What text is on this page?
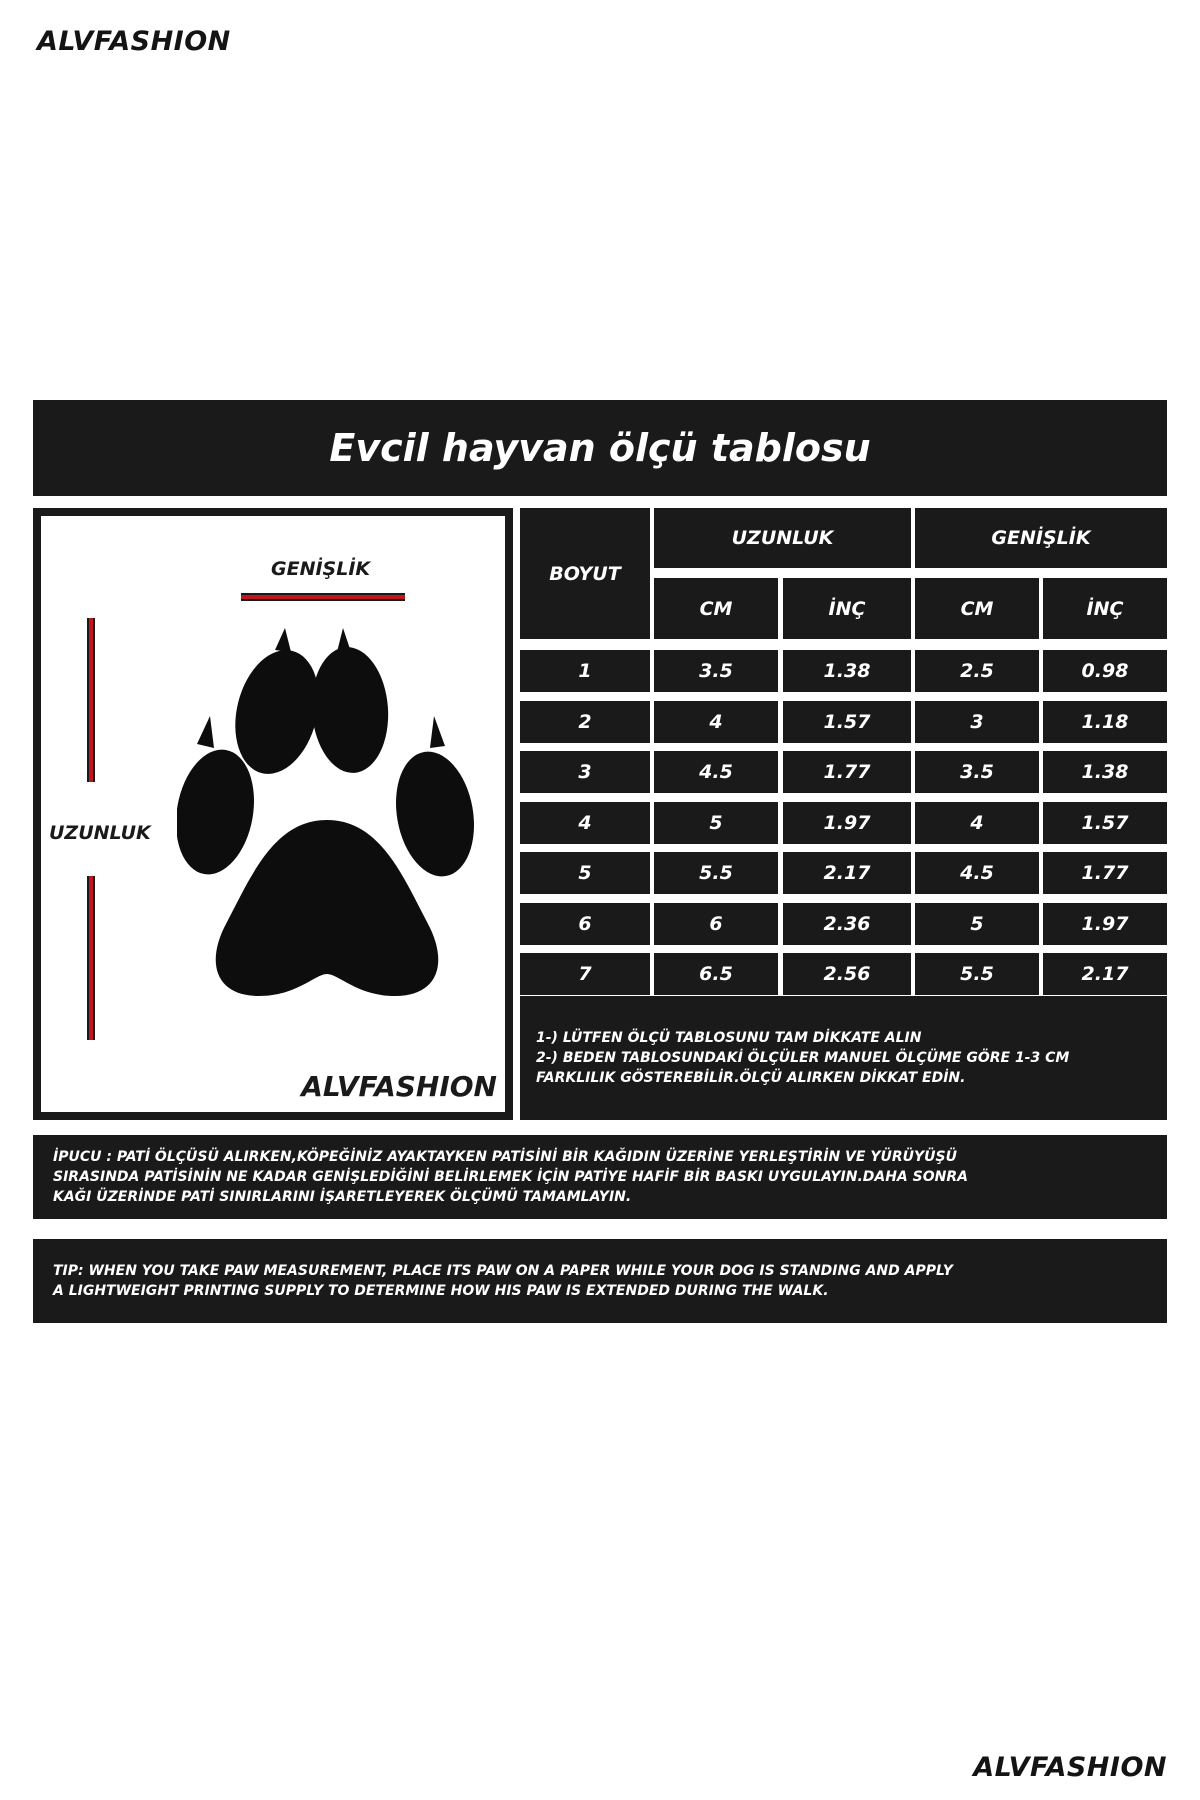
ALVFASHION
Evcil hayvan ölçü tablosu
GENİŞLİK
UZUNLUK
ALVFASHION
BOYUT
UZUNLUK	GENİŞLİK
CM	İNÇ	CM	İNÇ
1	3.5	1.38	2.5	0.98
2	4	1.57	3	1.18
3	4.5	1.77	3.5	1.38
4	5	1.97	4	1.57
5	5.5	2.17	4.5	1.77
6	6	2.36	5	1.97
7	6.5	2.56	5.5	2.17
1-) LÜTFEN ÖLÇÜ TABLOSUNU TAM DİKKATE ALIN
2-) BEDEN TABLOSUNDAKİ ÖLÇÜLER MANUEL ÖLÇÜME GÖRE 1-3 CM
FARKLILIK GÖSTEREBİLİR.ÖLÇÜ ALIRKEN DİKKAT EDİN.
İPUCU : PATİ ÖLÇÜSÜ ALIRKEN,KÖPEĞİNİZ AYAKTAYKEN PATİSİNİ BİR KAĞIDIN ÜZERİNE YERLEŞTİRİN VE YÜRÜYÜŞÜ
SIRASINDA PATİSİNİN NE KADAR GENİŞLEDİĞİNİ BELİRLEMEK İÇİN PATİYE HAFİF BİR BASKI UYGULAYIN.DAHA SONRA
KAĞI ÜZERİNDE PATİ SINIRLARINI İŞARETLEYEREK ÖLÇÜMÜ TAMAMLAYIN.
TIP: WHEN YOU TAKE PAW MEASUREMENT, PLACE ITS PAW ON A PAPER WHILE YOUR DOG IS STANDING AND APPLY
A LIGHTWEIGHT PRINTING SUPPLY TO DETERMINE HOW HIS PAW IS EXTENDED DURING THE WALK.
ALVFASHION
